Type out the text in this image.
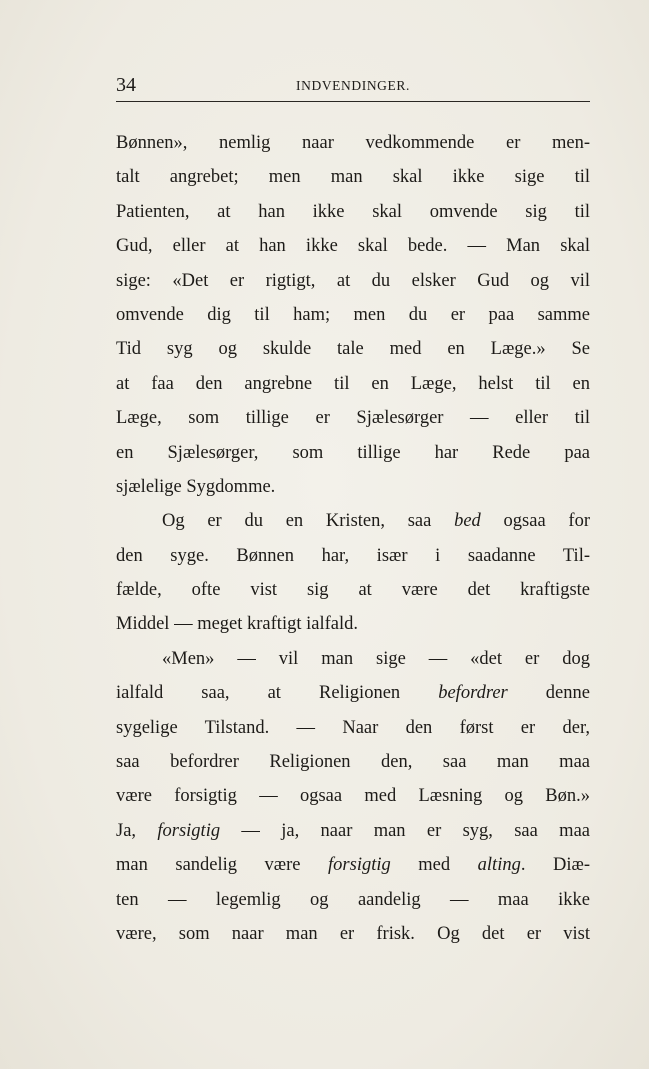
34	INDVENDINGER.
Bønnen», nemlig naar vedkommende er men-
talt angrebet; men man skal ikke sige til
Patienten, at han ikke skal omvende sig til
Gud, eller at han ikke skal bede. — Man skal
sige: «Det er rigtigt, at du elsker Gud og vil
omvende dig til ham; men du er paa samme
Tid syg og skulde tale med en Læge.» Se
at faa den angrebne til en Læge, helst til en
Læge, som tillige er Sjælesørger — eller til
en Sjælesørger, som tillige har Rede paa
sjælelige Sygdomme.
Og er du en Kristen, saa bed ogsaa for
den syge. Bønnen har, især i saadanne Til-
fælde, ofte vist sig at være det kraftigste
Middel — meget kraftigt ialfald.
«Men» — vil man sige — «det er dog
ialfald saa, at Religionen befordrer denne
sygelige Tilstand. — Naar den først er der,
saa befordrer Religionen den, saa man maa
være forsigtig — ogsaa med Læsning og Bøn.»
Ja, forsigtig — ja, naar man er syg, saa maa
man sandelig være forsigtig med alting. Diæ-
ten — legemlig og aandelig — maa ikke
være, som naar man er frisk. Og det er vist
